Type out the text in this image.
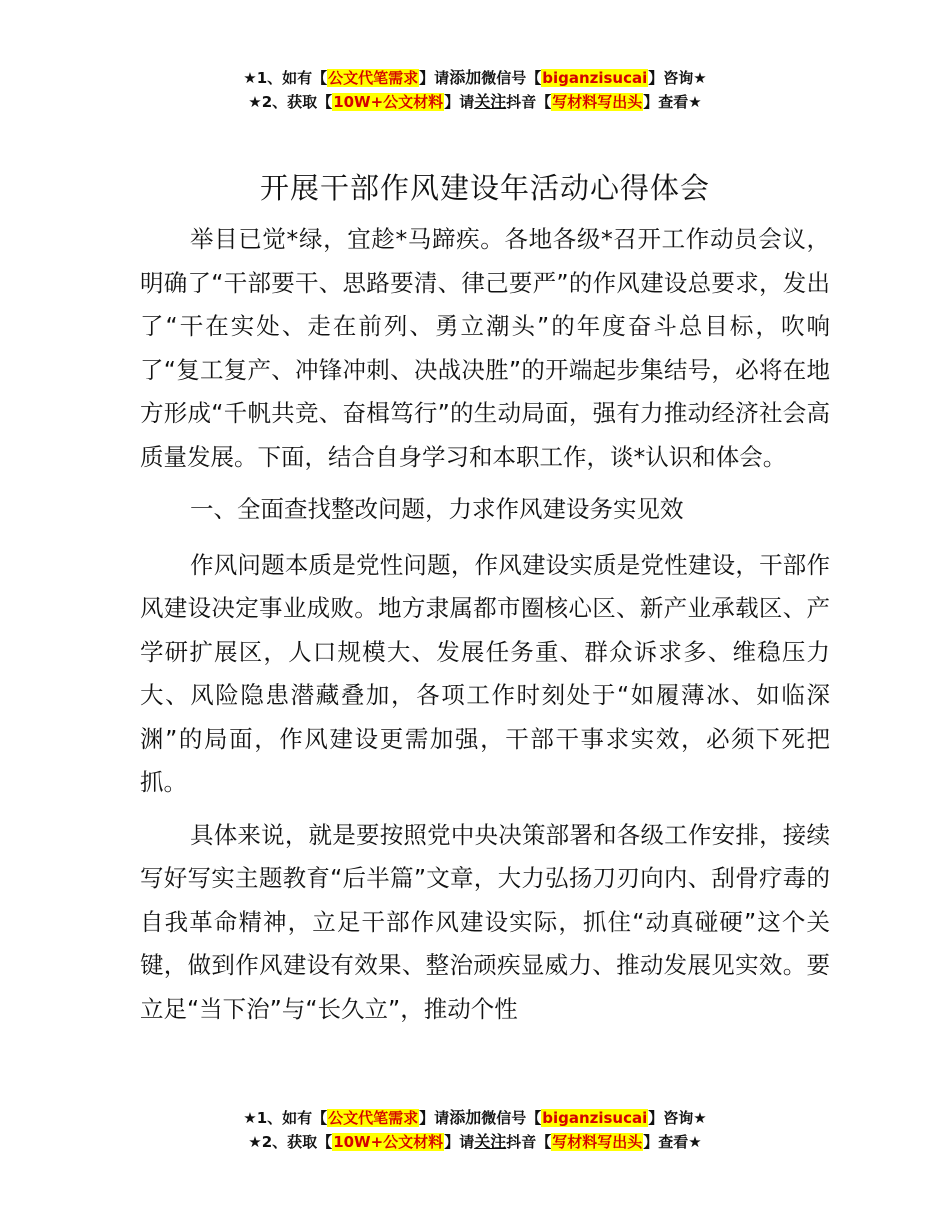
★1、如有【公文代笔需求】请添加微信号【biganzisucai】咨询★
★2、获取【10W+公文材料】请关注抖音【写材料写出头】查看★
开展干部作风建设年活动心得体会

举目已觉*绿，宜趁*马蹄疾。各地各级*召开工作动员会议，明确了“干部要干、思路要清、律己要严”的作风建设总要求，发出了“干在实处、走在前列、勇立潮头”的年度奋斗总目标，吹响了“复工复产、冲锋冲刺、决战决胜”的开端起步集结号，必将在地方形成“千帆共竞、奋楫笃行”的生动局面，强有力推动经济社会高质量发展。下面，结合自身学习和本职工作，谈*认识和体会。

一、全面查找整改问题，力求作风建设务实见效

作风问题本质是党性问题，作风建设实质是党性建设，干部作风建设决定事业成败。地方隶属都市圈核心区、新产业承载区、产学研扩展区，人口规模大、发展任务重、群众诉求多、维稳压力大、风险隐患潜藏叠加，各项工作时刻处于“如履薄冰、如临深渊”的局面，作风建设更需加强，干部干事求实效，必须下死把抓。

具体来说，就是要按照党中央决策部署和各级工作安排，接续写好写实主题教育“后半篇”文章，大力弘扬刀刃向内、刮骨疗毒的自我革命精神，立足干部作风建设实际，抓住“动真碰硬”这个关键，做到作风建设有效果、整治顽疾显威力、推动发展见实效。要立足“当下治”与“长久立”，推动个性

★1、如有【公文代笔需求】请添加微信号【biganzisucai】咨询★
★2、获取【10W+公文材料】请关注抖音【写材料写出头】查看★
